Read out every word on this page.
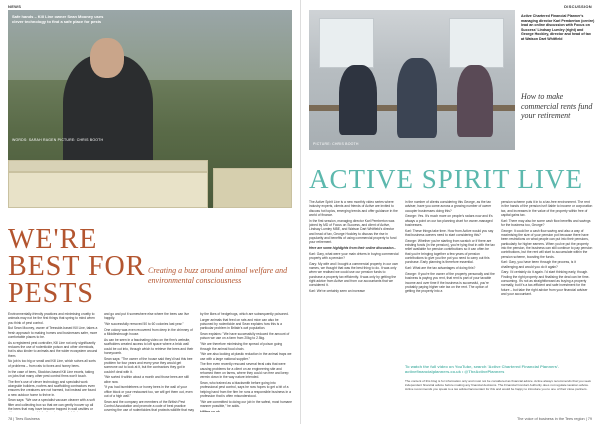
NEWS
Safe hands – Kill Line owner Sean Mooney uses clever technology to find a safe place for pests
WORDS: SARAH RAGEN PICTURE: CHRIS BOOTH
WE'RE
BEST FOR
PESTS
Creating a buzz around animal welfare and environmental consciousness

Environmentally-friendly practices and minimising cruelty to animals may not be the first things that spring to mind when you think of pest control.

But Sean Mooney, owner of Teesside-based Kill Line, takes a fresh approach to making homes and businesses safer, more comfortable places to be.

As a registered pest controller, Kill Line not only significantly reduces the use of rodenticide poison and other chemicals, but is also kinder to animals and the wider ecosystem around them.

No job is too big or small and Kill Line, which solves all sorts of problems – from rats to foxes and honey bees.

In the case of bees, Stockton-based Kill Line excels, taking on jobs that many other pest control firms won't touch.

The firm's use of clever technology and specialist work alongside builders, roofers and scaffolding contractors even ensures the creatures are not harmed, but instead are found a new outdoor home to thrive in.

Sean says: "We use a specialist vacuum cleaner with a soft filter and collecting box so that we can gently hoover up all the bees that may have become trapped in wall cavities or

and go and put it somewhere else where the bees can live happily.

"We successfully removed 50 to 60 colonies last year."

One colony was even recovered from deep in the chimney of a Middlesbrough house.

As can be seen in a fascinating video on the firm's website, scaffolders created access to loft space where a brick wall could be cut into, through which to retrieve the bees and their honeycomb.

Sean says: "The owner of the house said they'd had this bee problem for four years and every year they would get someone out to look at it, but the contractors they got in couldn't deal with it.

"We sorted it within about a month and those bees are still alive now.

"If you had bumblebees or honey bees in the wall of your office block or your restaurant too, we will get them out, even out of a high wall."

Sean and the company are members of the British Pest Control Association and promote a code of best practice covering the use of rodenticides that protects wildlife that may

by the likes of hedgehogs, which are subsequently poisoned.

Larger animals that feed on rats and mice can also be poisoned by rodenticide and Sean explains how this is a particular problem in Britain's owl population.

Sean explains: "We have successfully reduced the amount of poison we use on a farm from 20kg to 2.5kg.

"We are therefore minimising the spread of poison going through the animal food chain.

"We are also looking at plastic reduction in the animal traps we use with a large national supplier."

The firm even recently rescued several feral cats that were causing problems for a client on an engineering site and rehomed them on farms, where they could run free and keep vermin down in the way nature intended.

Sean, who trained as a blacksmith before going into professional pest control, says he now hopes to get a bit of a helping hand from the firm he runs a responsible business in a profession that is often misunderstood.

"We are committed to doing our job in the safest, most humane manner possible," he adds.

killline.co.uk

78 | Tees Business
DISCUSSION
PICTURE: CHRIS BOOTH
Active Chartered Financial Planner's managing director Karl Pemberton (centre) lead an online discussion with Focus on Success' Lindsay Lumley (right) and George Hockley, director and head of tax at Watson Dart Whitfield
How to make commercial rents fund your retirement
ACTIVE SPIRIT LIVE

The Active Spirit Live is a new monthly video series where industry experts, clients and friends of Active are invited to discuss hot topics, emerging trends and offer guidance in the world of finance.

In the first session, managing director Karl Pemberton was joined by MD of Focus on Success, and client of Active, Lindsay Lumley MBE, and Watson Dart Whitfield's director and head of tax, George Hockley to discuss the rise in popularity and benefits of using commercial property to fund your retirement.

Here are some highlights from their online discussion...

Karl: Gary, what were your main drivers in buying commercial property with a pension?

Gary: My wife and I bought a commercial property in our own names, we thought that was the best thing to do. It was only when we realised we could use our pension funds to purchase a property tax efficiently. It was only by getting the right advice from Active and from our accountants that we considered it.

Karl: We've certainly seen an increase

in the number of clients considering this George, as the tax adviser, have you come across a growing number of owner occupier businesses doing this?

George: Yes. It's much more on people's radars now and it's always a point on our tax planning chart for owner-managed businesses.

Karl: These things take time. How from Active would you say that business owners need to start considering this?

George: Whether you're starting from scratch or if there are existing funds (in the pension), you're tying that in with the tax relief available for pension contributions so it can often be that you're bringing together a few years of pension contributions to give you the pot you need to carry out this purchase. Early planning is therefore essential.

Karl: What are the tax advantages of doing this?

George: If you're the owner of the property personally and the business is paying you rent, that rent is part of your taxable income and over time if the business is successful, you're probably paying higher rate tax on the rent. The option of getting the property into a

pension scheme puts it in to a tax-free environment. The rent in the hands of the pension isn't liable to income or corporation tax, and increases in the value of the property within free of capital gains tax.

Karl: There may also be some cash flow benefits and savings for the business too, George?

George: It could be a cash flow saving and also a way of maximising the size of your pension pot because there have been restrictions on what people can put into their pensions, particularly for higher earners. When you've put the property into the pension, the business can still continue to pay pension contributions, but the rent will start to accumulate within the pension scheme, boosting the funds.

Karl: Gary, you have been through the process, is it challenging and would you do it again?

Gary: I'd certainly do it again. I'd start thinking early, though. Finding the right property and finalising the deal can be time-consuming. It's not as straightforward as buying a property normally, but it's a tax-efficient and safe investment for the future – but take the right advice from your financial adviser and your accountant.

To watch the full video on YouTube, search 'Active Chartered Financial Planners'. activefinancialplanners.co.uk • @TheActivePlanners
The content of this blog is for information only and must not be considered as financial advice. Active always recommends that you seek independent financial advice before making any financial decisions. The Financial Conduct Authority does not regulate taxation advice. Active recommends you speak to a tax advisor/accountant for this and would be happy to introduce you to one of their close partners.
The voice of business in the Tees region | 79
